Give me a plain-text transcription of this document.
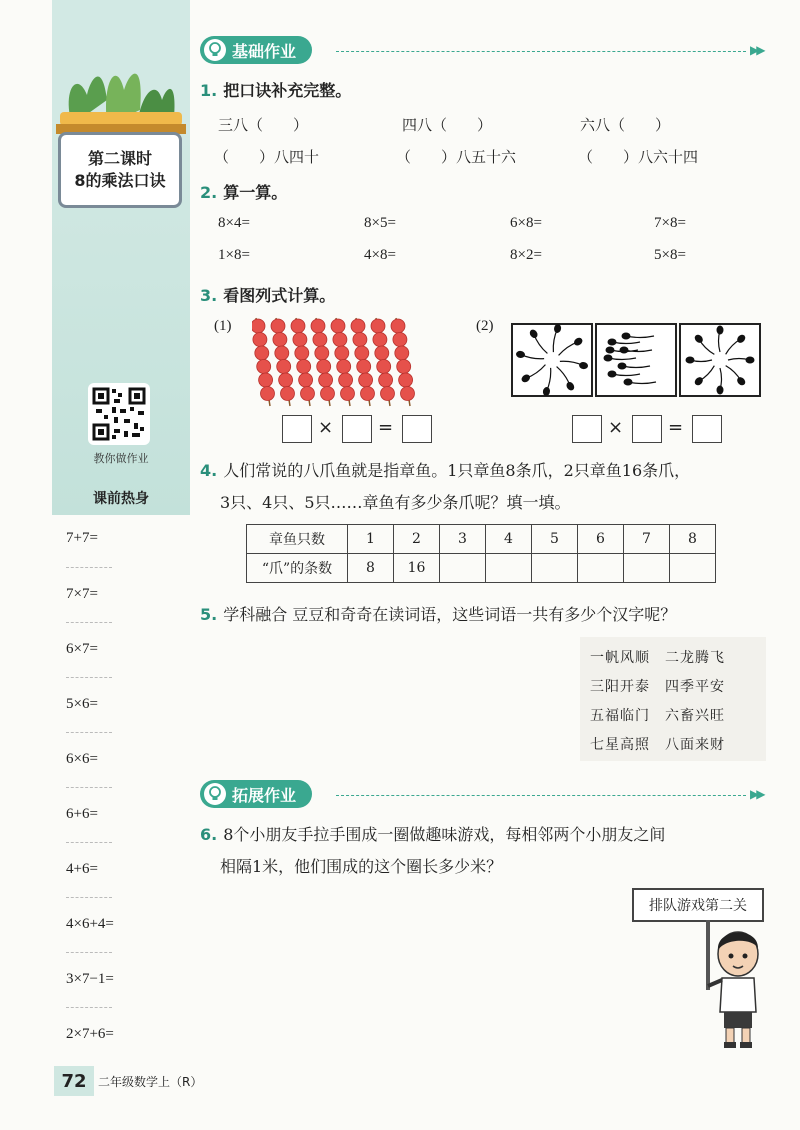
第二课时
8的乘法口诀
教你做作业
课前热身
7+7=
7×7=
6×7=
5×6=
6×6=
6+6=
4+6=
4×6+4=
3×7−1=
2×7+6=
基础作业	▶▶
1. 把口诀补充完整。
三八（　　）	四八（　　）	六八（　　）
（　　）八四十	（　　）八五十六	（　　）八六十四
2. 算一算。
8×4=	8×5=	6×8=	7×8=
1×8=	4×8=	8×2=	5×8=
3. 看图列式计算。
(1)	(2)
× =	× =
4. 人们常说的八爪鱼就是指章鱼。1只章鱼8条爪，2只章鱼16条爪，
3只、4只、5只……章鱼有多少条爪呢？填一填。
章鱼只数	1	2	3	4	5	6	7	8
“爪”的条数	8	16						
5. 学科融合 豆豆和奇奇在读词语，这些词语一共有多少个汉字呢？
一帆风顺　 二龙腾飞
三阳开泰　 四季平安
五福临门　 六畜兴旺
七星高照　 八面来财
拓展作业	▶▶
6. 8个小朋友手拉手围成一圈做趣味游戏，每相邻两个小朋友之间
相隔1米，他们围成的这个圈长多少米？
排队游戏第二关
72 二年级数学上（R）
